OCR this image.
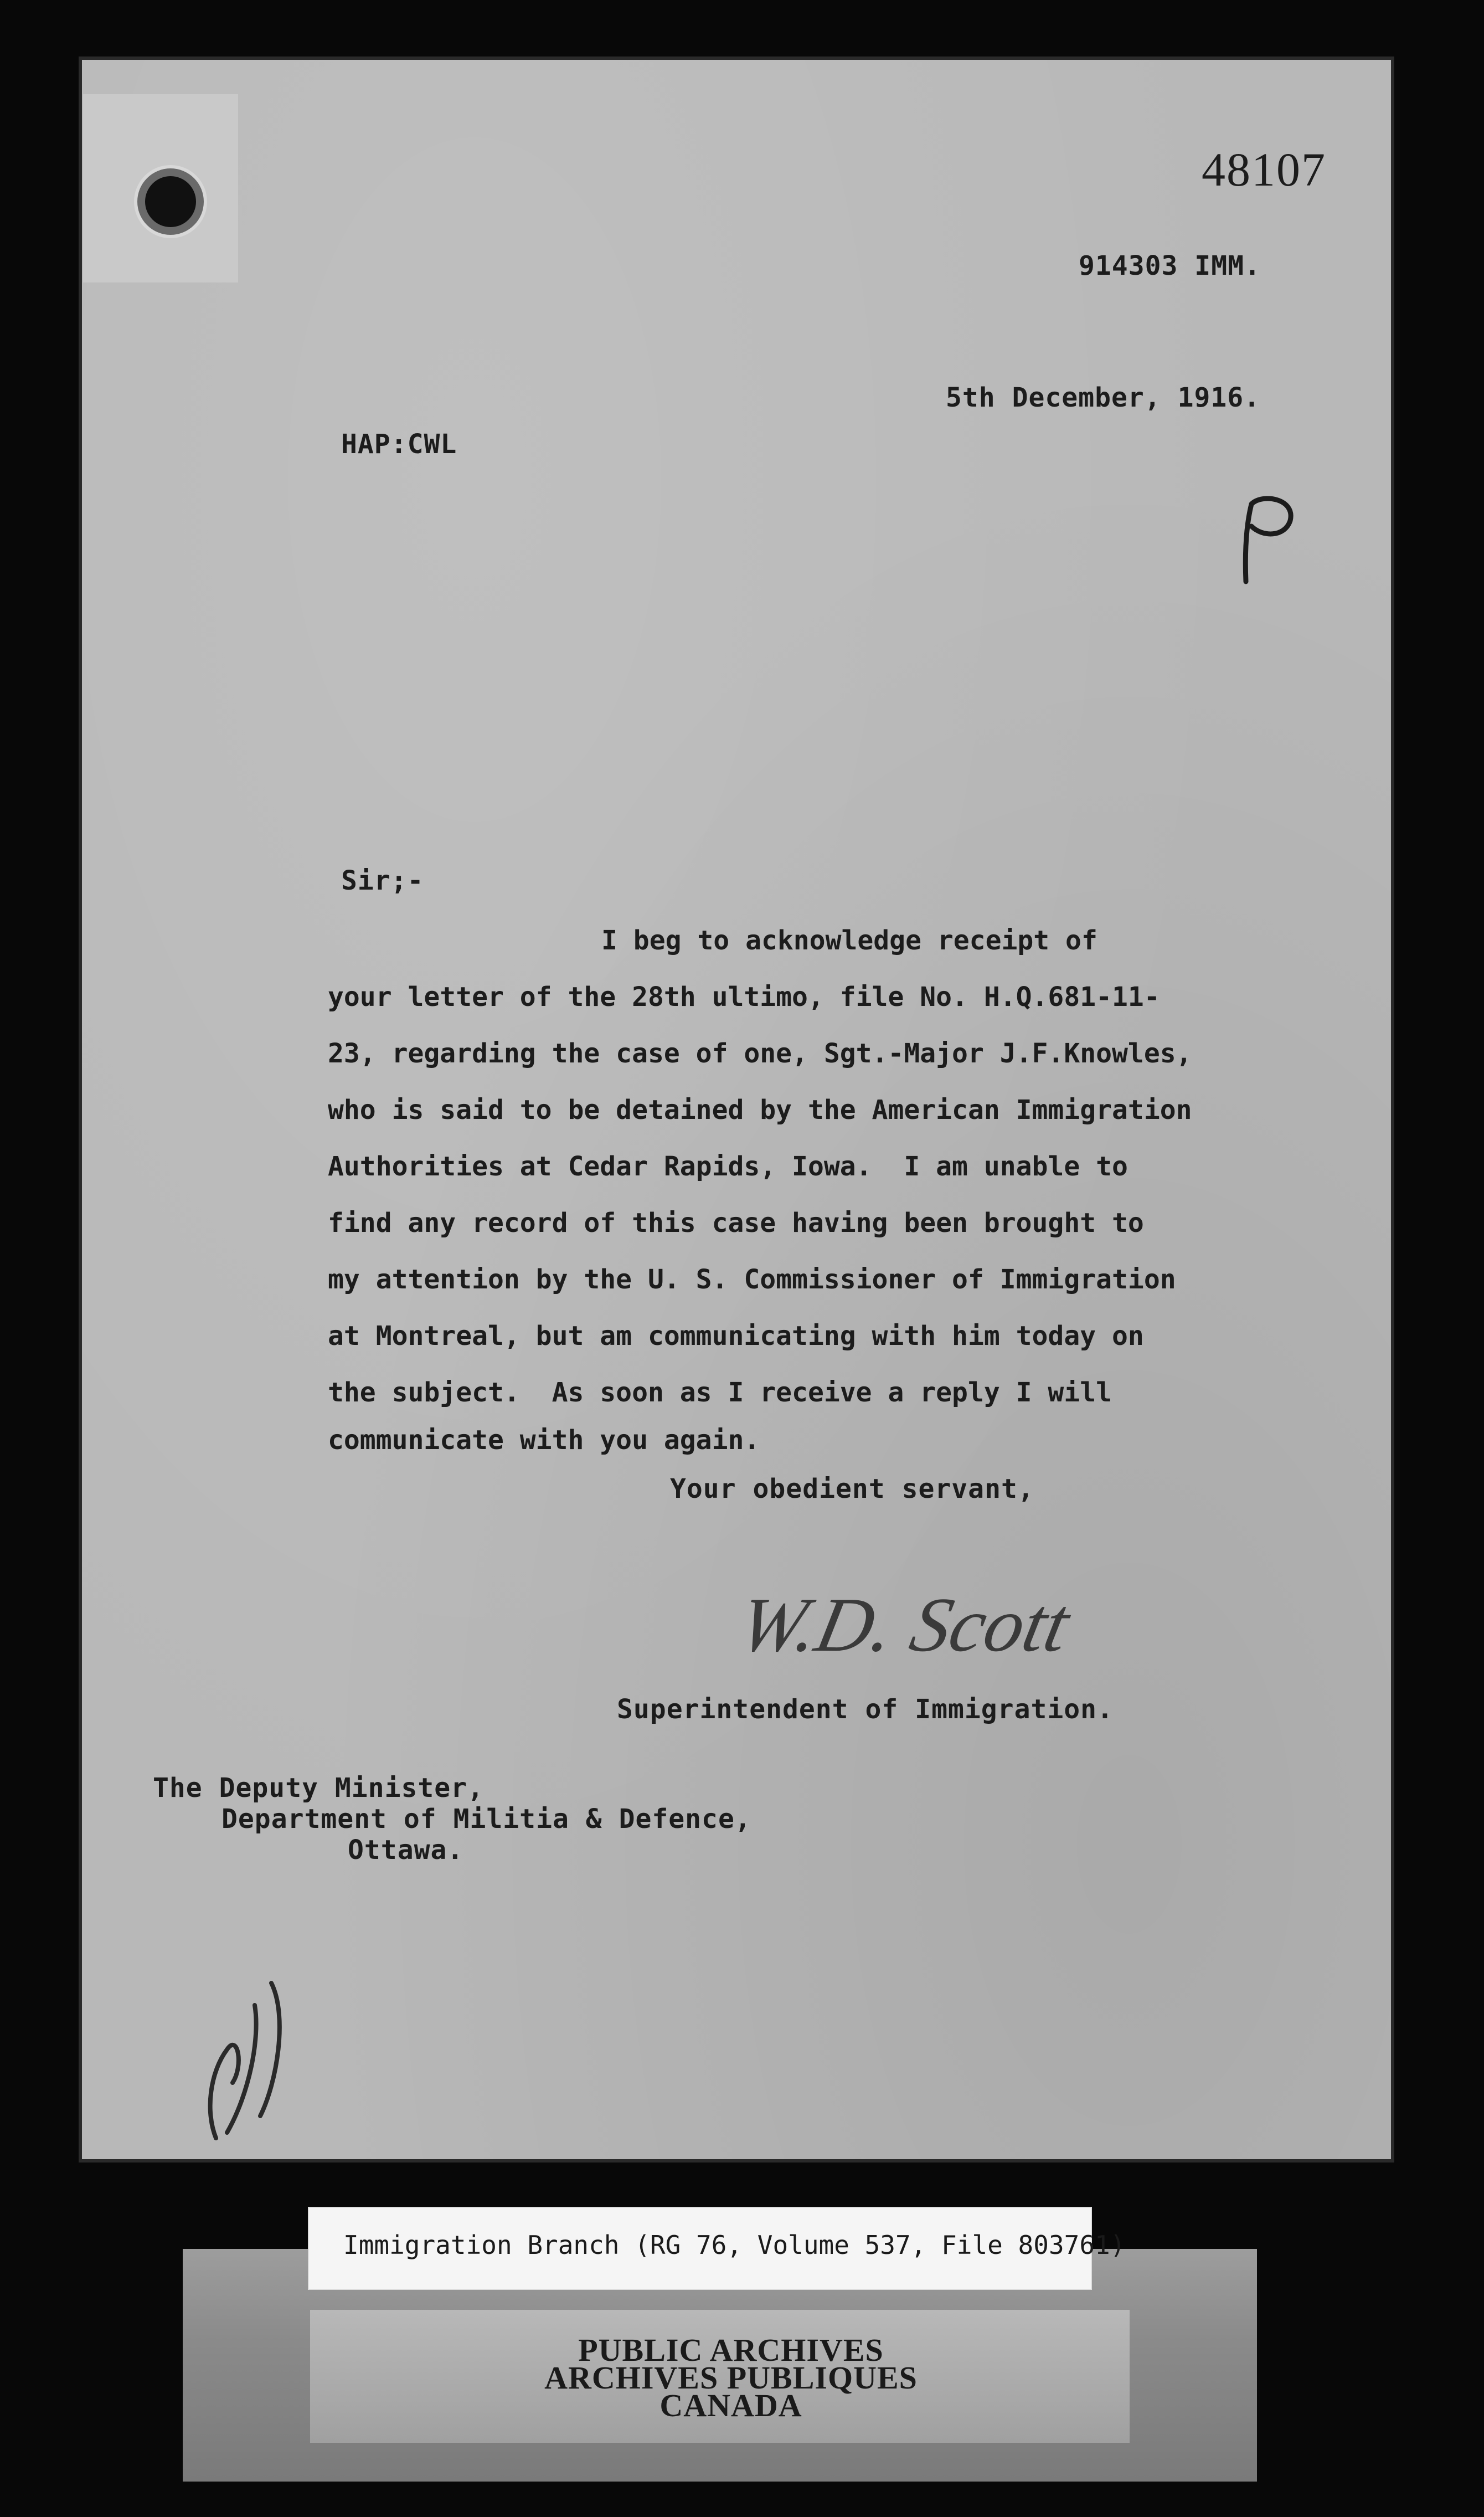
48107
914303 IMM.
5th December, 1916.
HAP:CWL
Sir;-
I beg to acknowledge receipt of
your letter of the 28th ultimo, file No. H.Q.681-11-
23, regarding the case of one, Sgt.-Major J.F.Knowles,
who is said to be detained by the American Immigration
Authorities at Cedar Rapids, Iowa.  I am unable to
find any record of this case having been brought to
my attention by the U. S. Commissioner of Immigration
at Montreal, but am communicating with him today on
the subject.  As soon as I receive a reply I will
communicate with you again.
Your obedient servant,
W.D. Scott
Superintendent of Immigration.
The Deputy Minister,
Department of Militia & Defence,
Ottawa.
Immigration Branch (RG 76, Volume 537, File 803761)
PUBLIC ARCHIVES
ARCHIVES PUBLIQUES
CANADA
